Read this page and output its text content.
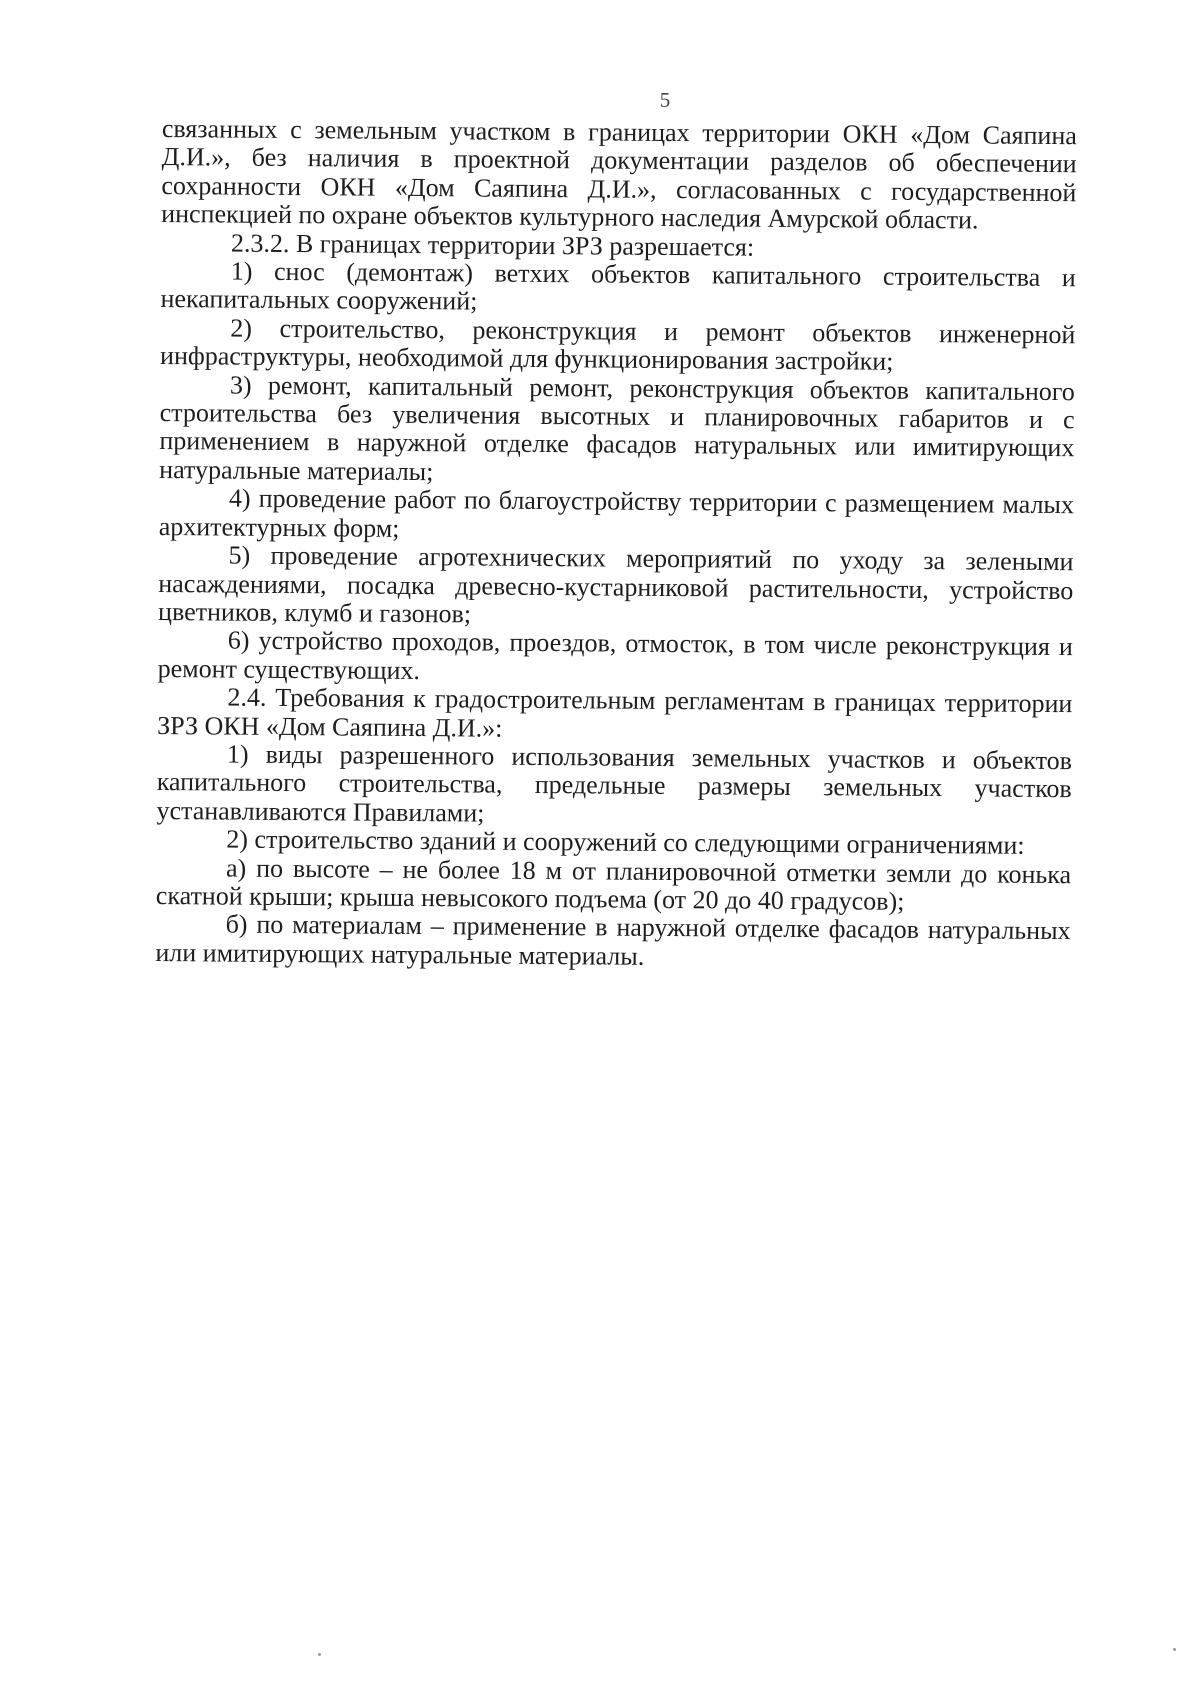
5

связанных с земельным участком в границах территории ОКН «Дом Саяпина Д.И.», без наличия в проектной документации разделов об обеспечении сохранности ОКН «Дом Саяпина Д.И.», согласованных с государственной инспекцией по охране объектов культурного наследия Амурской области.

2.3.2. В границах территории ЗРЗ разрешается:

1) снос (демонтаж) ветхих объектов капитального строительства и некапитальных сооружений;

2) строительство, реконструкция и ремонт объектов инженерной инфраструктуры, необходимой для функционирования застройки;

3) ремонт, капитальный ремонт, реконструкция объектов капитального строительства без увеличения высотных и планировочных габаритов и с применением в наружной отделке фасадов натуральных или имитирующих натуральные материалы;

4) проведение работ по благоустройству территории с размещением малых архитектурных форм;

5) проведение агротехнических мероприятий по уходу за зелеными насаждениями, посадка древесно-кустарниковой растительности, устройство цветников, клумб и газонов;

6) устройство проходов, проездов, отмосток, в том числе реконструкция и ремонт существующих.

2.4. Требования к градостроительным регламентам в границах территории ЗРЗ ОКН «Дом Саяпина Д.И.»:

1) виды разрешенного использования земельных участков и объектов капитального строительства, предельные размеры земельных участков устанавливаются Правилами;

2) строительство зданий и сооружений со следующими ограничениями:

а) по высоте – не более 18 м от планировочной отметки земли до конька скатной крыши; крыша невысокого подъема (от 20 до 40 градусов);

б) по материалам – применение в наружной отделке фасадов натуральных или имитирующих натуральные материалы.
